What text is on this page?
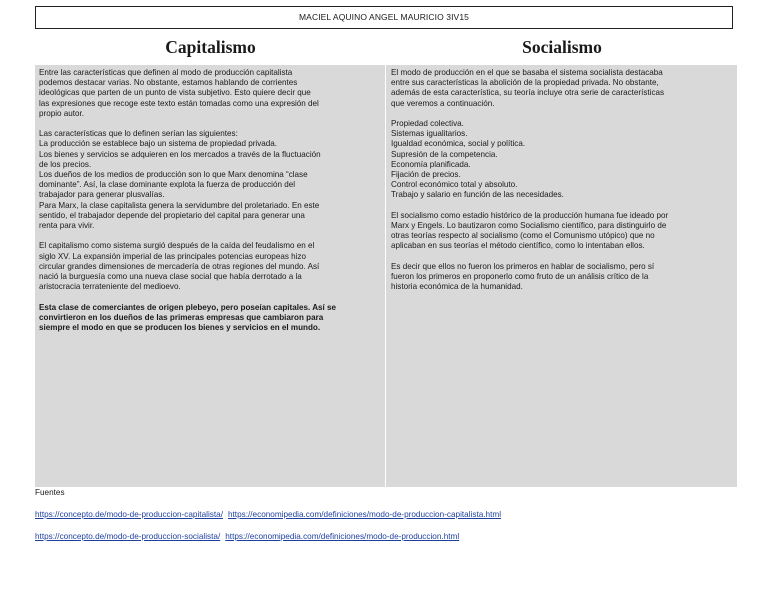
MACIEL AQUINO ANGEL MAURICIO 3IV15
Capitalismo	Socialismo

Entre las características que definen al modo de producción capitalista

podemos destacar varias. No obstante, estamos hablando de corrientes

ideológicas que parten de un punto de vista subjetivo. Esto quiere decir que

las expresiones que recoge este texto están tomadas como una expresión del

propio autor.

Las características que lo definen serían las siguientes:

La producción se establece bajo un sistema de propiedad privada.

Los bienes y servicios se adquieren en los mercados a través de la fluctuación

de los precios.

Los dueños de los medios de producción son lo que Marx denomina “clase

dominante”. Así, la clase dominante explota la fuerza de producción del

trabajador para generar plusvalías.

Para Marx, la clase capitalista genera la servidumbre del proletariado. En este

sentido, el trabajador depende del propietario del capital para generar una

renta para vivir.

El capitalismo como sistema surgió después de la caída del feudalismo en el

siglo XV. La expansión imperial de las principales potencias europeas hizo

circular grandes dimensiones de mercadería de otras regiones del mundo. Así

nació la burguesía como una nueva clase social que había derrotado a la

aristocracia terrateniente del medioevo.

Esta clase de comerciantes de origen plebeyo, pero poseían capitales. Así se

convirtieron en los dueños de las primeras empresas que cambiaron para

siempre el modo en que se producen los bienes y servicios en el mundo.

El modo de producción en el que se basaba el sistema socialista destacaba

entre sus características la abolición de la propiedad privada. No obstante,

además de esta característica, su teoría incluye otra serie de características

que veremos a continuación.

Propiedad colectiva.

Sistemas igualitarios.

Igualdad económica, social y política.

Supresión de la competencia.

Economía planificada.

Fijación de precios.

Control económico total y absoluto.

Trabajo y salario en función de las necesidades.

El socialismo como estadio histórico de la producción humana fue ideado por

Marx y Engels. Lo bautizaron como Socialismo científico, para distinguirlo de

otras teorías respecto al socialismo (como el Comunismo utópico) que no

aplicaban en sus teorías el método científico, como lo intentaban ellos.

Es decir que ellos no fueron los primeros en hablar de socialismo, pero sí

fueron los primeros en proponerlo como fruto de un análisis crítico de la

historia económica de la humanidad.

Fuentes
https://concepto.de/modo-de-produccion-capitalista/ https://economipedia.com/definiciones/modo-de-produccion-capitalista.html
https://concepto.de/modo-de-produccion-socialista/ https://economipedia.com/definiciones/modo-de-produccion.html
